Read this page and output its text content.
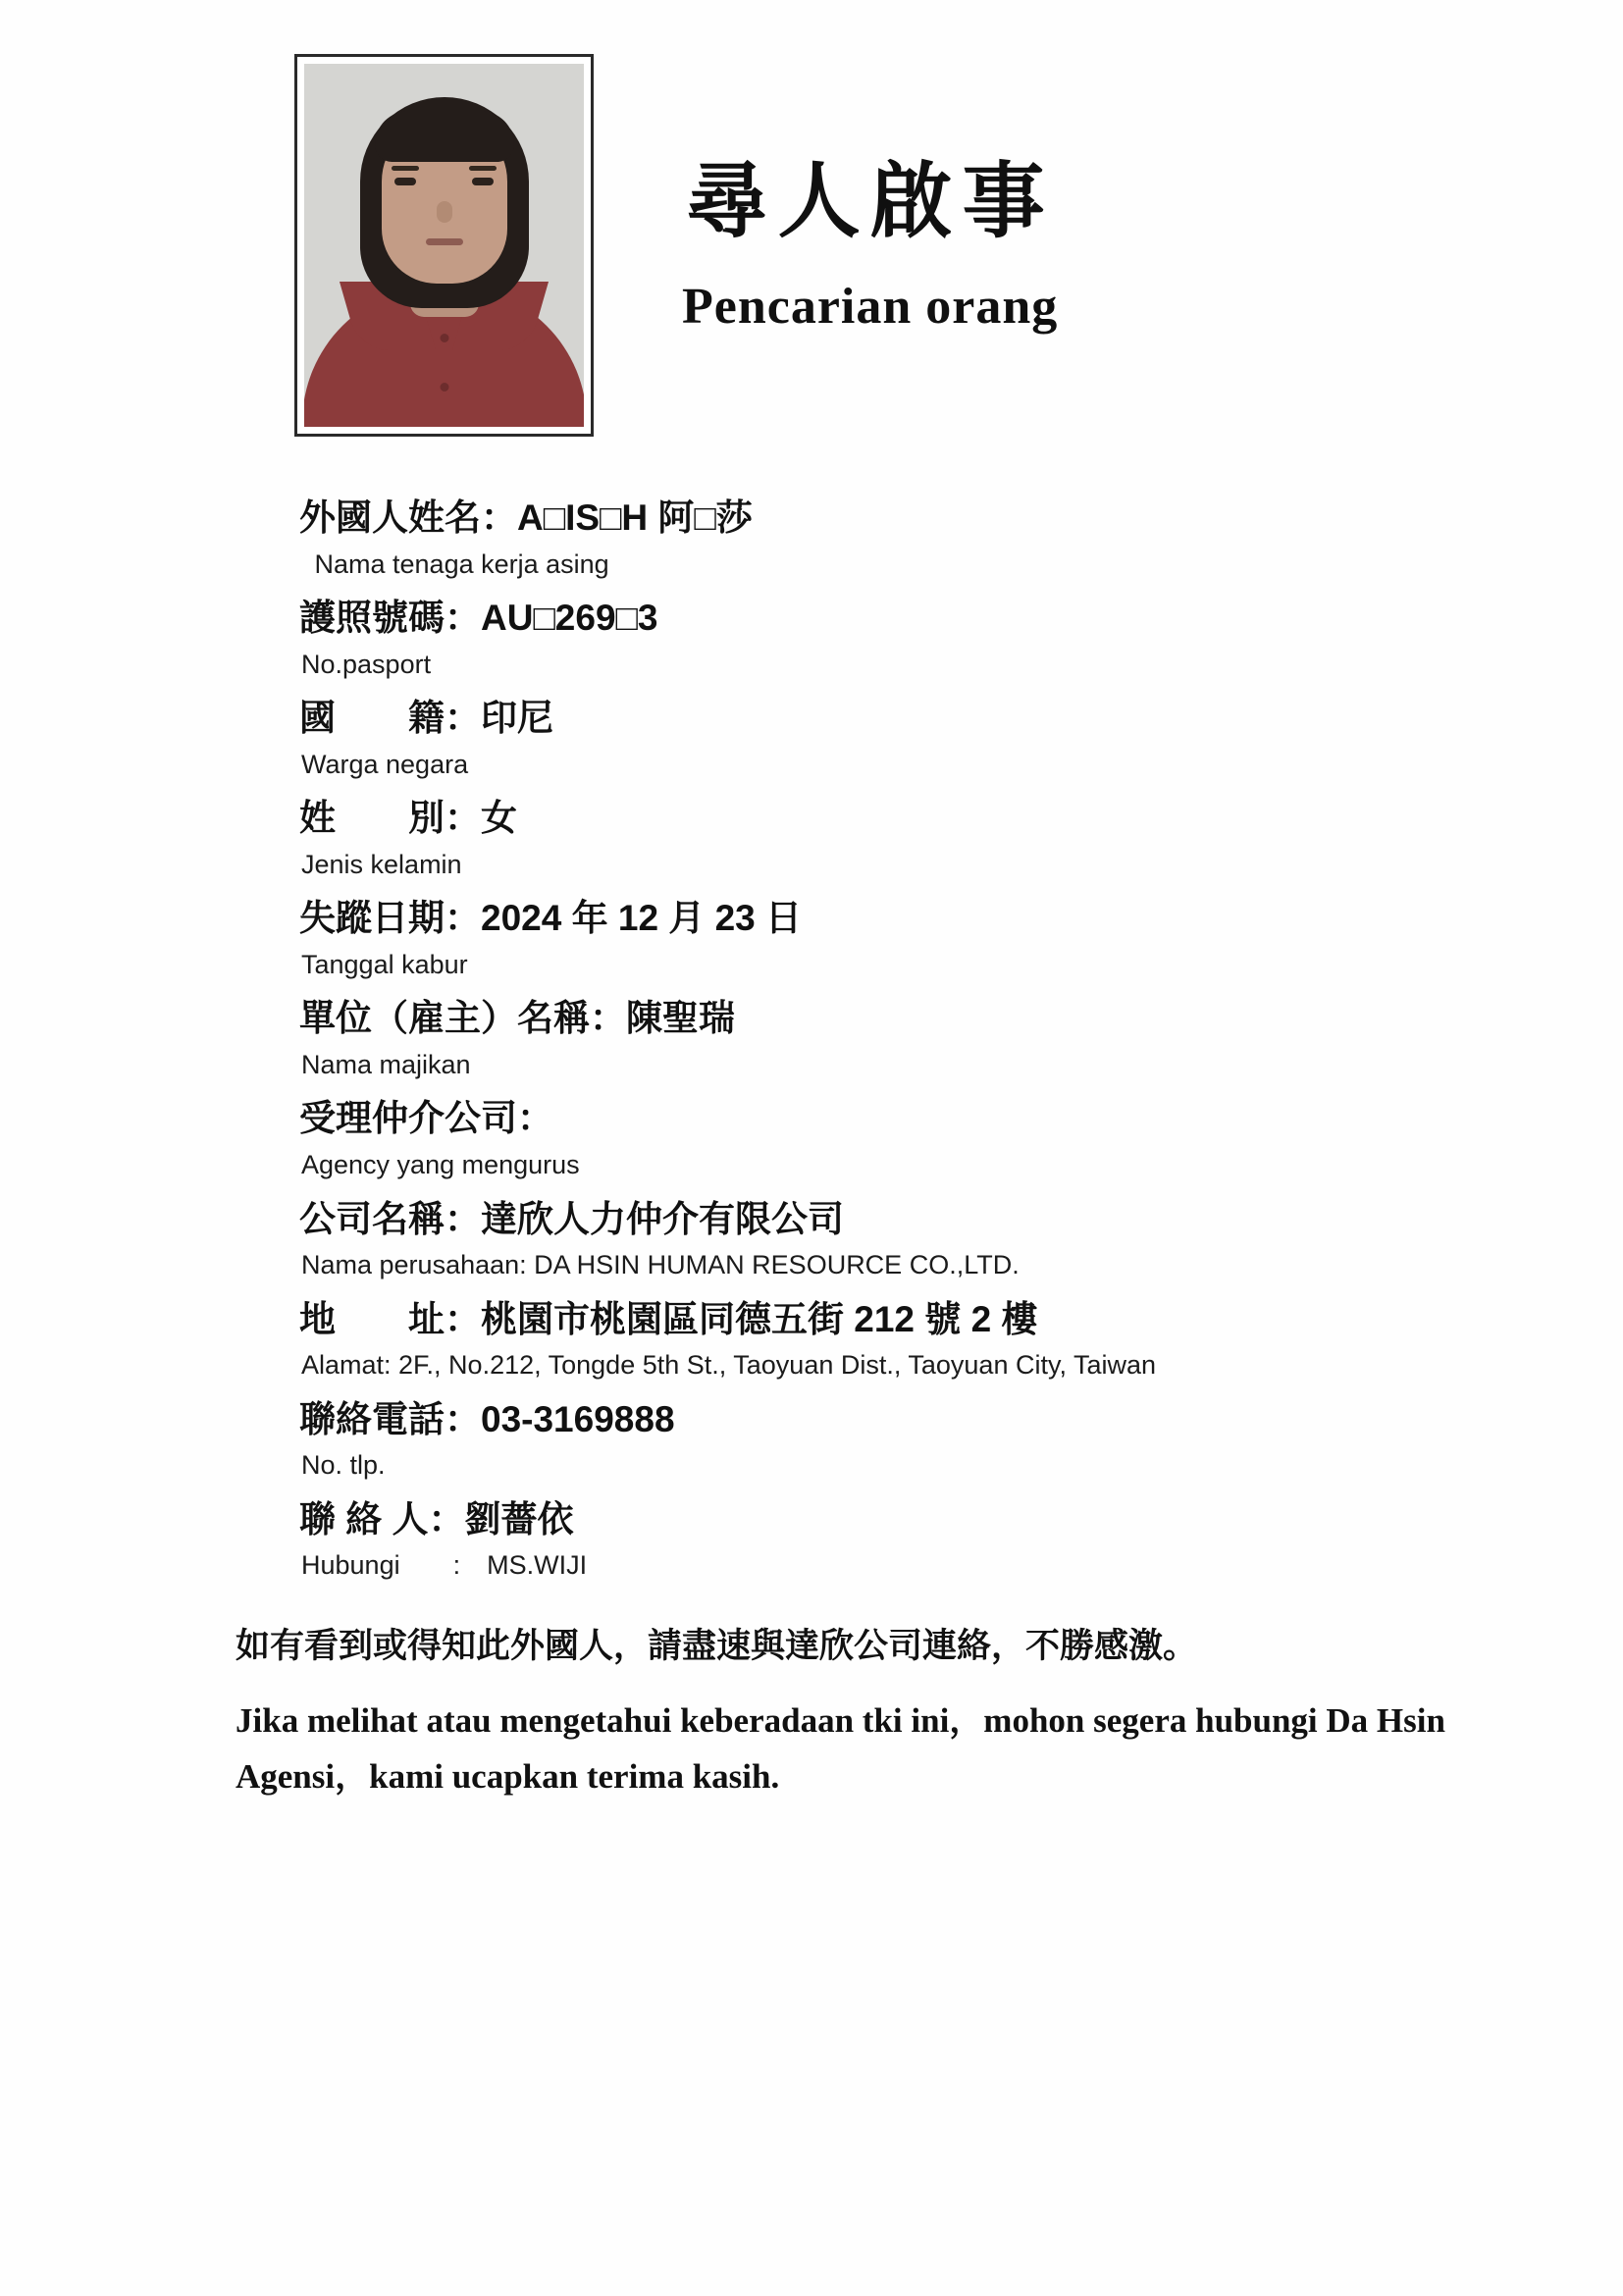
尋人啟事
Pencarian orang
外國人姓名：A□IS□H 阿□莎
Nama tenaga kerja asing
護照號碼：AU□269□3
No.pasport
國　　籍：印尼
Warga negara
姓　　別：女
Jenis kelamin
失蹤日期：2024 年 12 月 23 日
Tanggal kabur
單位（雇主）名稱：陳聖瑞
Nama majikan
受理仲介公司：
Agency yang mengurus
公司名稱：達欣人力仲介有限公司
Nama perusahaan: DA HSIN HUMAN RESOURCE CO.,LTD.
地　　址：桃園市桃園區同德五街 212 號 2 樓
Alamat: 2F., No.212, Tongde 5th St., Taoyuan Dist., Taoyuan City, Taiwan
聯絡電話：03-3169888
No. tlp.
聯 絡 人：劉薔依
Hubungi　　:　MS.WIJI
如有看到或得知此外國人，請盡速與達欣公司連絡，不勝感激。
Jika melihat atau mengetahui keberadaan tki ini，mohon segera hubungi Da Hsin Agensi，kami ucapkan terima kasih.
